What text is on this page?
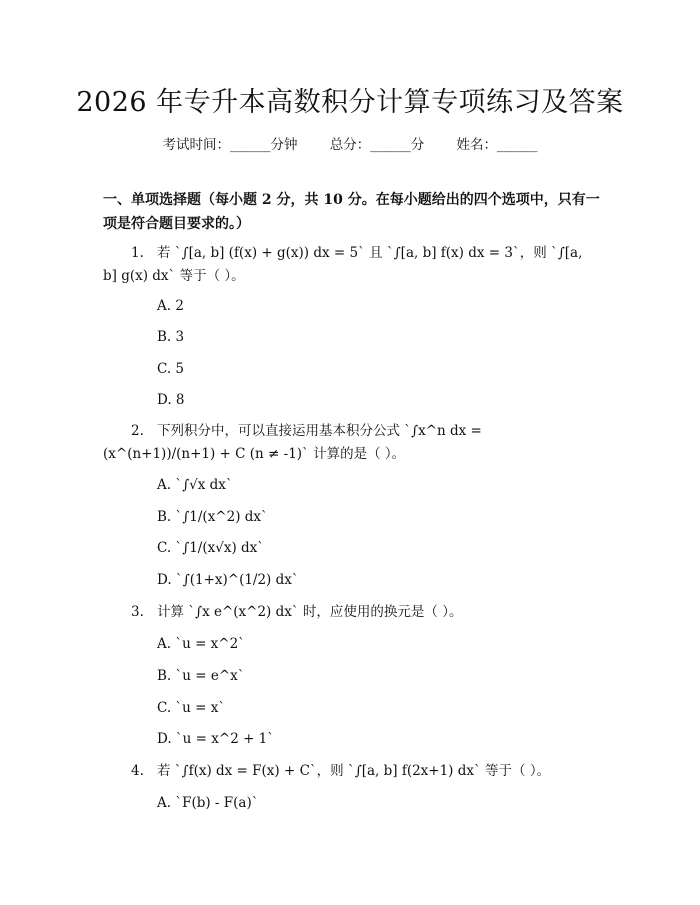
2026 年专升本高数积分计算专项练习及答案
考试时间：______分钟 总分：______分 姓名：______
一、单项选择题（每小题 2 分，共 10 分。在每小题给出的四个选项中，只有一项是符合题目要求的。）
1. 若 `∫[a, b] (f(x) + g(x)) dx = 5` 且 `∫[a, b] f(x) dx = 3`，则 `∫[a, b] g(x) dx` 等于（ ）。
A. 2
B. 3
C. 5
D. 8
2. 下列积分中，可以直接运用基本积分公式 `∫x^n dx = (x^(n+1))/(n+1) + C (n ≠ -1)` 计算的是（ ）。
A. `∫√x dx`
B. `∫1/(x^2) dx`
C. `∫1/(x√x) dx`
D. `∫(1+x)^(1/2) dx`
3. 计算 `∫x e^(x^2) dx` 时，应使用的换元是（ ）。
A. `u = x^2`
B. `u = e^x`
C. `u = x`
D. `u = x^2 + 1`
4. 若 `∫f(x) dx = F(x) + C`，则 `∫[a, b] f(2x+1) dx` 等于（ ）。
A. `F(b) - F(a)`
